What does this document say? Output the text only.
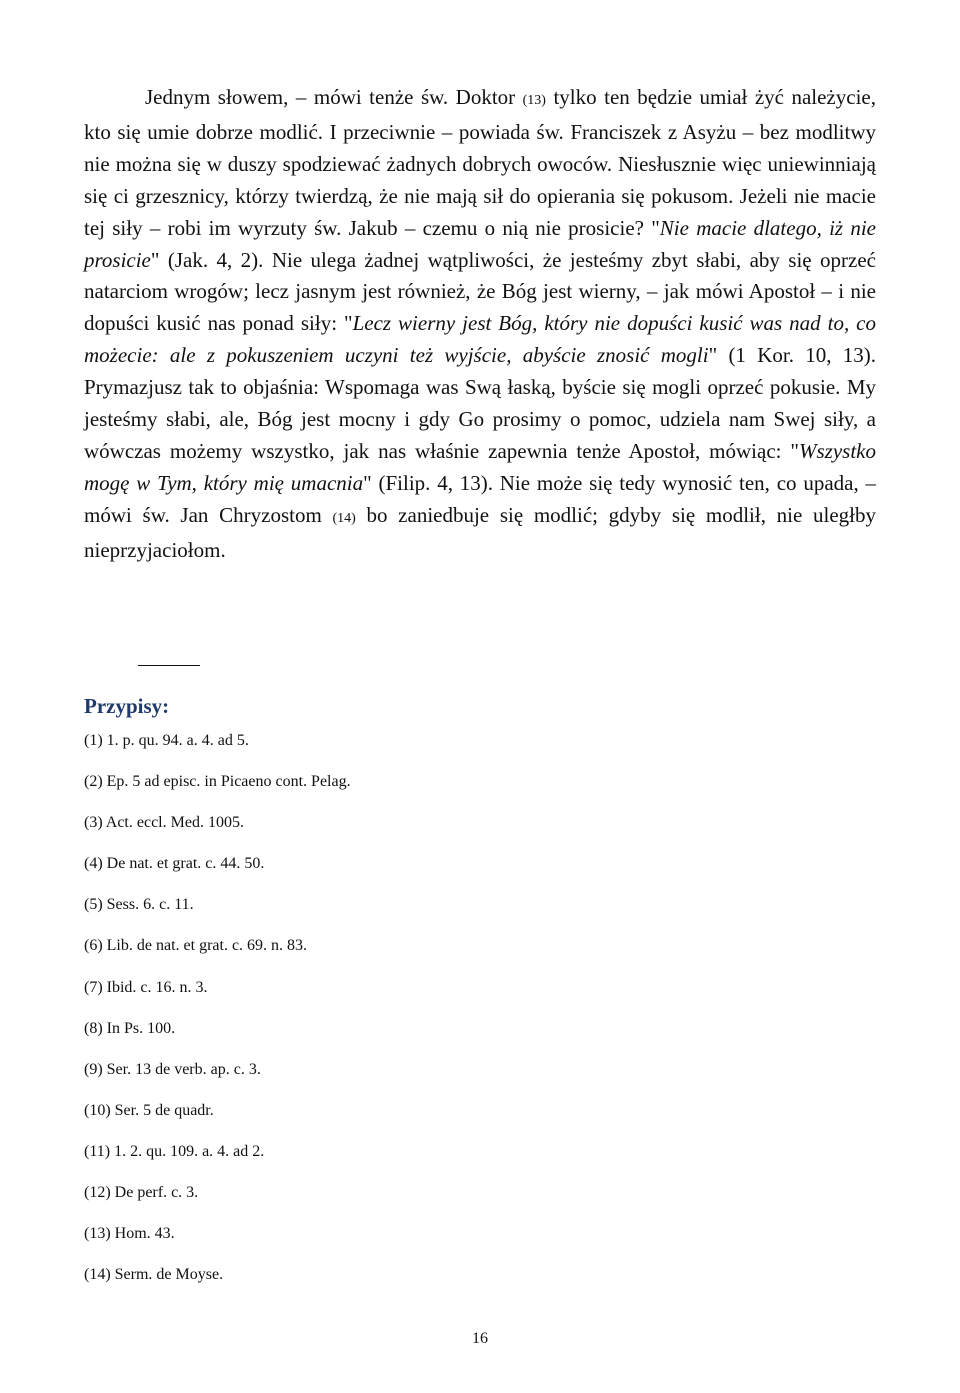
Jednym słowem, – mówi tenże św. Doktor (13) tylko ten będzie umiał żyć należycie, kto się umie dobrze modlić. I przeciwnie – powiada św. Franciszek z Asyżu – bez modlitwy nie można się w duszy spodziewać żadnych dobrych owoców. Niesłusznie więc uniewinniają się ci grzesznicy, którzy twierdzą, że nie mają sił do opierania się pokusom. Jeżeli nie macie tej siły – robi im wyrzuty św. Jakub – czemu o nią nie prosicie? "Nie macie dlatego, iż nie prosicie" (Jak. 4, 2). Nie ulega żadnej wątpliwości, że jesteśmy zbyt słabi, aby się oprzeć natarciom wrogów; lecz jasnym jest również, że Bóg jest wierny, – jak mówi Apostoł – i nie dopuści kusić nas ponad siły: "Lecz wierny jest Bóg, który nie dopuści kusić was nad to, co możecie: ale z pokuszeniem uczyni też wyjście, abyście znosić mogli" (1 Kor. 10, 13). Prymazjusz tak to objaśnia: Wspomaga was Swą łaską, byście się mogli oprzeć pokusie. My jesteśmy słabi, ale, Bóg jest mocny i gdy Go prosimy o pomoc, udziela nam Swej siły, a wówczas możemy wszystko, jak nas właśnie zapewnia tenże Apostoł, mówiąc: "Wszystko mogę w Tym, który mię umacnia" (Filip. 4, 13). Nie może się tedy wynosić ten, co upada, – mówi św. Jan Chryzostom (14) bo zaniedbuje się modlić; gdyby się modlił, nie uległby nieprzyjaciołom.

Przypisy:
(1) 1. p. qu. 94. a. 4. ad 5.
(2) Ep. 5 ad episc. in Picaeno cont. Pelag.
(3) Act. eccl. Med. 1005.
(4) De nat. et grat. c. 44. 50.
(5) Sess. 6. c. 11.
(6) Lib. de nat. et grat. c. 69. n. 83.
(7) Ibid. c. 16. n. 3.
(8) In Ps. 100.
(9) Ser. 13 de verb. ap. c. 3.
(10) Ser. 5 de quadr.
(11) 1. 2. qu. 109. a. 4. ad 2.
(12) De perf. c. 3.
(13) Hom. 43.
(14) Serm. de Moyse.
16
